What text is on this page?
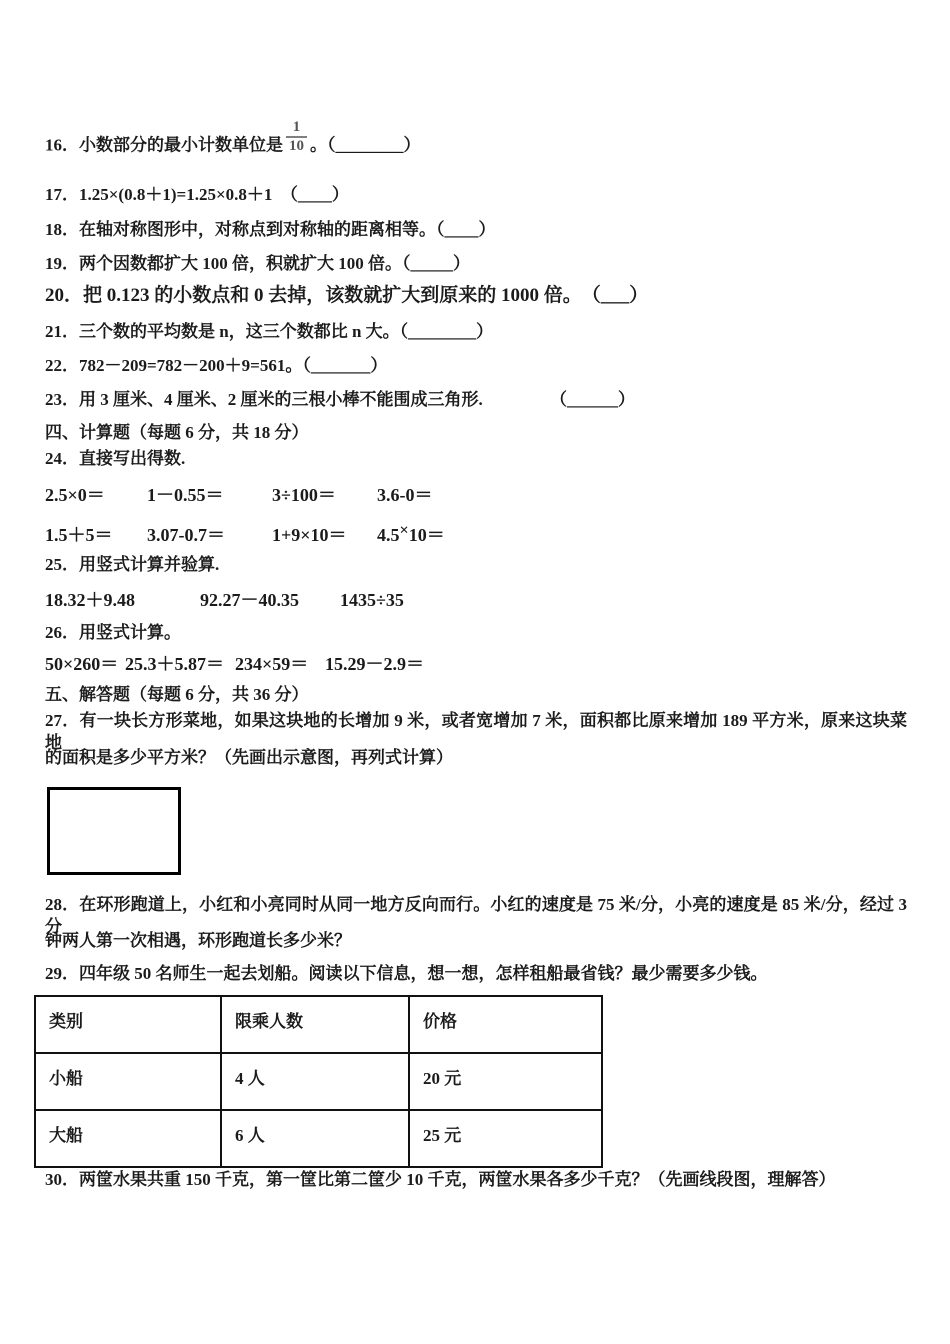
16．小数部分的最小计数单位是 $\frac{1}{10}$ 。（________）
17．1.25×(0.8＋1)=1.25×0.8＋1　（____）
18．在轴对称图形中，对称点到对称轴的距离相等。（____）
19．两个因数都扩大 100 倍，积就扩大 100 倍。（_____）
20．把 0.123 的小数点和 0 去掉，该数就扩大到原来的 1000 倍。　（___）
21．三个数的平均数是 n，这三个数都比 n 大。（________）
22．782－209=782－200＋9=561。（_______）
23．用 3 厘米、4 厘米、2 厘米的三根小棒不能围成三角形.	（______）
四、计算题（每题 6 分，共 18 分）
24．直接写出得数.
2.5×0＝ 1－0.55＝	3÷100＝ 3.6-0＝
1.5＋5＝ 3.07-0.7＝	1+9×10＝ 4.5×10＝
25．用竖式计算并验算.
18.32＋9.48	92.27－40.35 1435÷35
26．用竖式计算。
50×260＝ 25.3＋5.87＝ 234×59＝ 15.29－2.9＝
五、解答题（每题 6 分，共 36 分）
27．有一块长方形菜地，如果这块地的长增加 9 米，或者宽增加 7 米，面积都比原来增加 189 平方米，原来这块菜地
的面积是多少平方米？（先画出示意图，再列式计算）
28．在环形跑道上，小红和小亮同时从同一地方反向而行。小红的速度是 75 米/分，小亮的速度是 85 米/分，经过 3 分
钟两人第一次相遇，环形跑道长多少米？
29．四年级 50 名师生一起去划船。阅读以下信息，想一想，怎样租船最省钱？最少需要多少钱。
类别	限乘人数	价格
小船	4 人	20 元
大船	6 人	25 元
30．两筐水果共重 150 千克，第一筐比第二筐少 10 千克，两筐水果各多少千克？（先画线段图，理解答）
